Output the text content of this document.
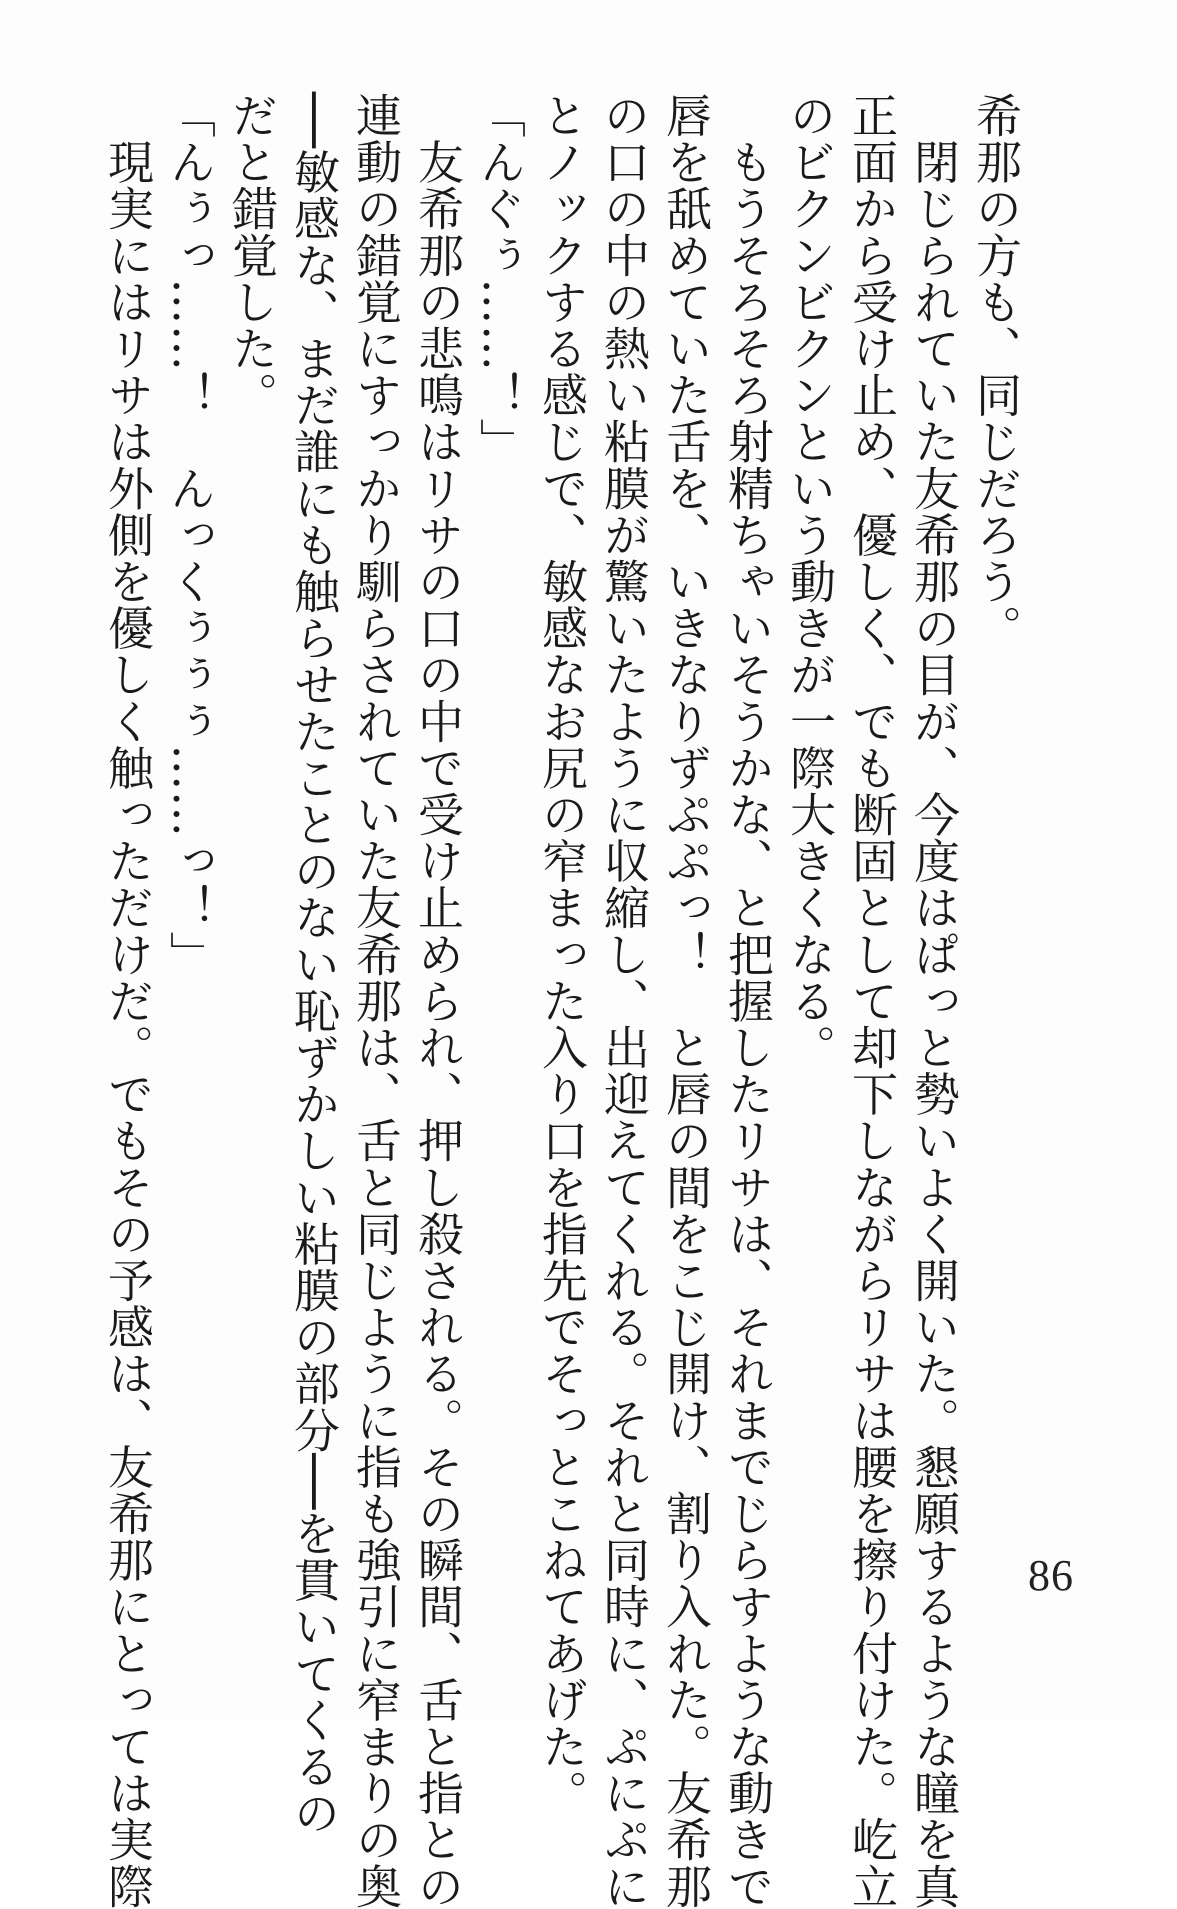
希那の方も、同じだろう。
　閉じられていた友希那の目が、今度はぱっと勢いよく開いた。懇願するような瞳を真
正面から受け止め、優しく、でも断固として却下しながらリサは腰を擦り付けた。屹立
のビクンビクンという動きが一際大きくなる。
　もうそろそろ射精ちゃいそうかな、と把握したリサは、それまでじらすような動きで
唇を舐めていた舌を、いきなりずぷぷっ！　と唇の間をこじ開け、割り入れた。友希那
の口の中の熱い粘膜が驚いたように収縮し、出迎えてくれる。それと同時に、ぷにぷに
とノックする感じで、敏感なお尻の窄まった入り口を指先でそっとこねてあげた。
「んぐぅ……！」
　友希那の悲鳴はリサの口の中で受け止められ、押し殺される。その瞬間、舌と指との
連動の錯覚にすっかり馴らされていた友希那は、舌と同じように指も強引に窄まりの奥
──敏感な、まだ誰にも触らせたことのない恥ずかしい粘膜の部分──を貫いてくるの
だと錯覚した。
「んぅっ……！　んっくぅぅぅ……っ！」
　現実にはリサは外側を優しく触っただけだ。でもその予感は、友希那にとっては実際	86
